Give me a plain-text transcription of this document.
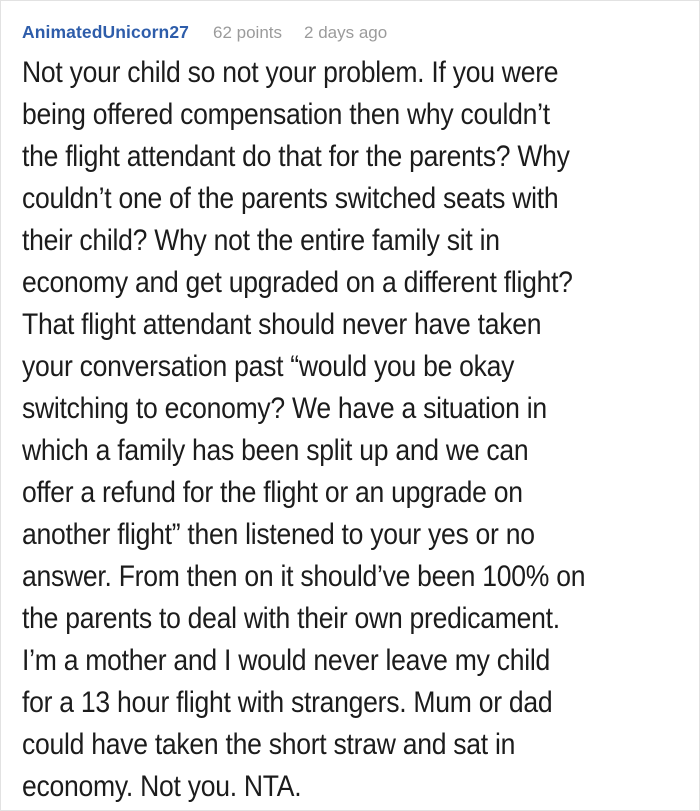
AnimatedUnicorn27 62 points 2 days ago
Not your child so not your problem. If you were
being offered compensation then why couldn’t
the flight attendant do that for the parents? Why
couldn’t one of the parents switched seats with
their child? Why not the entire family sit in
economy and get upgraded on a different flight?
That flight attendant should never have taken
your conversation past “would you be okay
switching to economy? We have a situation in
which a family has been split up and we can
offer a refund for the flight or an upgrade on
another flight” then listened to your yes or no
answer. From then on it should’ve been 100% on
the parents to deal with their own predicament.
I’m a mother and I would never leave my child
for a 13 hour flight with strangers. Mum or dad
could have taken the short straw and sat in
economy. Not you. NTA.
